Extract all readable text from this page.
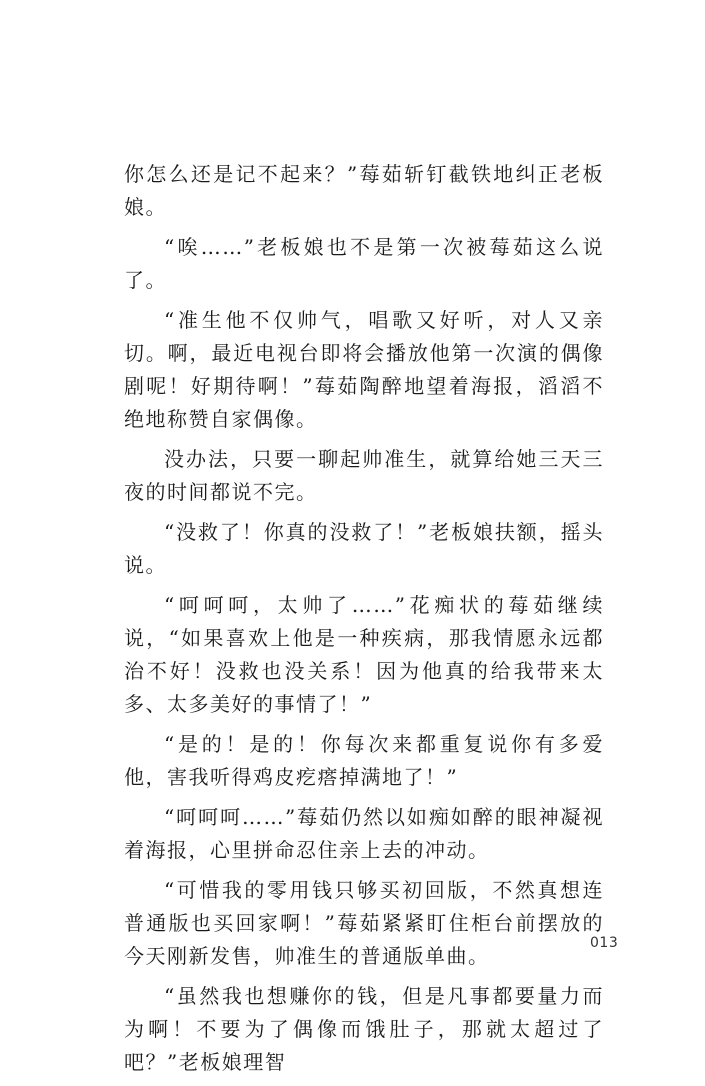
你怎么还是记不起来？”莓茹斩钉截铁地纠正老板娘。

“唉……”老板娘也不是第一次被莓茹这么说了。

“准生他不仅帅气，唱歌又好听，对人又亲切。啊，最近电视台即将会播放他第一次演的偶像剧呢！好期待啊！”莓茹陶醉地望着海报，滔滔不绝地称赞自家偶像。

没办法，只要一聊起帅准生，就算给她三天三夜的时间都说不完。

“没救了！你真的没救了！”老板娘扶额，摇头说。

“呵呵呵，太帅了……”花痴状的莓茹继续说，“如果喜欢上他是一种疾病，那我情愿永远都治不好！没救也没关系！因为他真的给我带来太多、太多美好的事情了！”

“是的！是的！你每次来都重复说你有多爱他，害我听得鸡皮疙瘩掉满地了！”

“呵呵呵……”莓茹仍然以如痴如醉的眼神凝视着海报，心里拼命忍住亲上去的冲动。

“可惜我的零用钱只够买初回版，不然真想连普通版也买回家啊！”莓茹紧紧盯住柜台前摆放的今天刚新发售，帅准生的普通版单曲。

“虽然我也想赚你的钱，但是凡事都要量力而为啊！不要为了偶像而饿肚子，那就太超过了吧？”老板娘理智

013
